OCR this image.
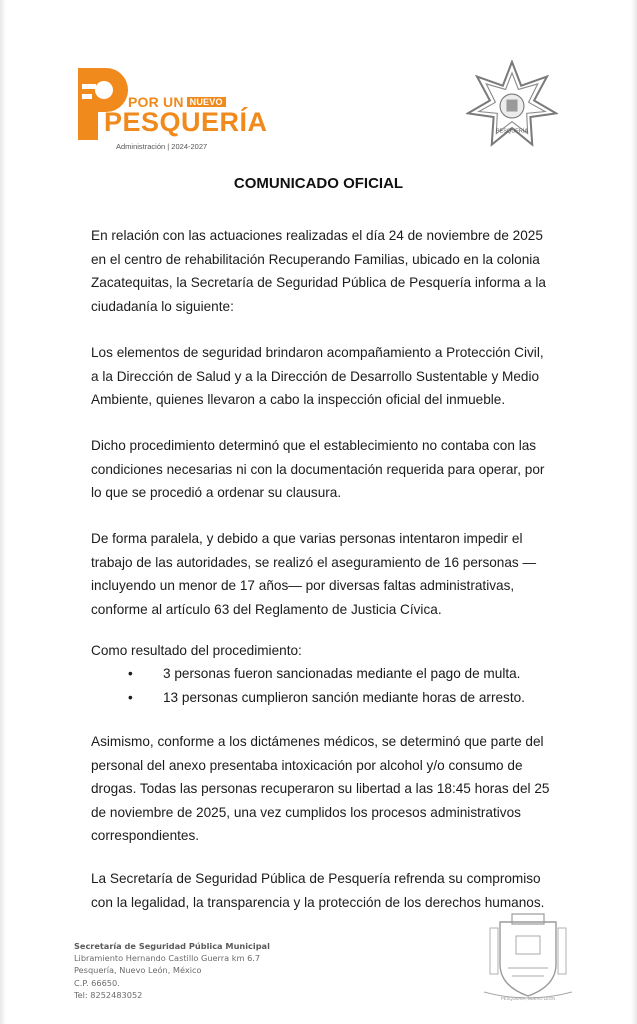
POR UN NUEVO
PESQUERÍA
Administración | 2024-2027
PESQUERÍA
COMUNICADO OFICIAL

En relación con las actuaciones realizadas el día 24 de noviembre de 2025 en el centro de rehabilitación Recuperando Familias, ubicado en la colonia Zacatequitas, la Secretaría de Seguridad Pública de Pesquería informa a la ciudadanía lo siguiente:

Los elementos de seguridad brindaron acompañamiento a Protección Civil, a la Dirección de Salud y a la Dirección de Desarrollo Sustentable y Medio Ambiente, quienes llevaron a cabo la inspección oficial del inmueble.

Dicho procedimiento determinó que el establecimiento no contaba con las condiciones necesarias ni con la documentación requerida para operar, por lo que se procedió a ordenar su clausura.

De forma paralela, y debido a que varias personas intentaron impedir el trabajo de las autoridades, se realizó el aseguramiento de 16 personas —incluyendo un menor de 17 años— por diversas faltas administrativas, conforme al artículo 63 del Reglamento de Justicia Cívica.

Como resultado del procedimiento:

• 3 personas fueron sancionadas mediante el pago de multa.
• 13 personas cumplieron sanción mediante horas de arresto.

Asimismo, conforme a los dictámenes médicos, se determinó que parte del personal del anexo presentaba intoxicación por alcohol y/o consumo de drogas. Todas las personas recuperaron su libertad a las 18:45 horas del 25 de noviembre de 2025, una vez cumplidos los procesos administrativos correspondientes.

La Secretaría de Seguridad Pública de Pesquería refrenda su compromiso con la legalidad, la transparencia y la protección de los derechos humanos.

Secretaría de Seguridad Pública Municipal
Libramiento Hernando Castillo Guerra km 6.7
Pesquería, Nuevo León, México
C.P. 66650.
Tel: 8252483052	PESQUERÍA, NUEVO LEÓN
